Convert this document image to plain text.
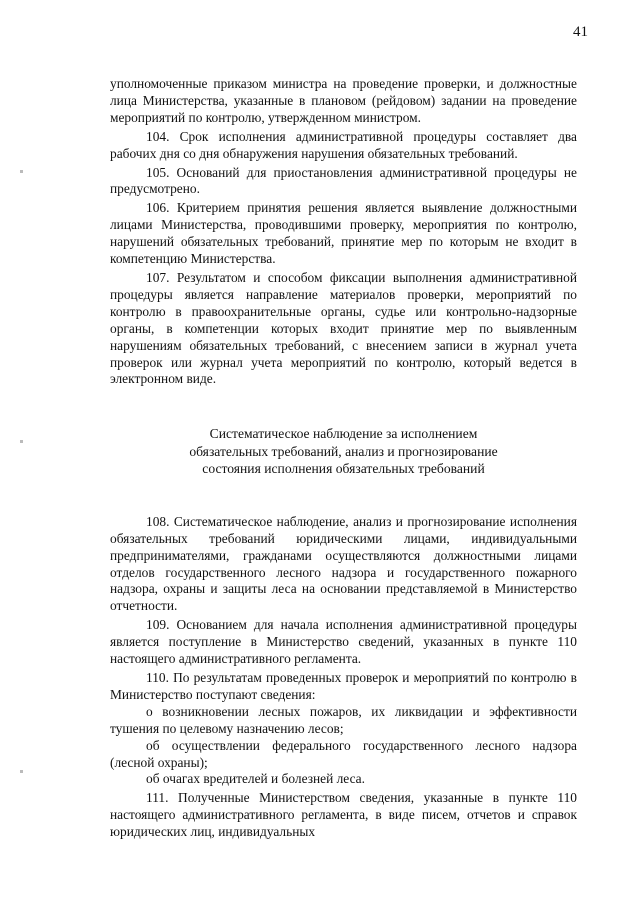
41

уполномоченные приказом министра на проведение проверки, и должностные лица Министерства, указанные в плановом (рейдовом) задании на проведение мероприятий по контролю, утвержденном министром.

104. Срок исполнения административной процедуры составляет два рабочих дня со дня обнаружения нарушения обязательных требований.

105. Оснований для приостановления административной процедуры не предусмотрено.

106. Критерием принятия решения является выявление должностными лицами Министерства, проводившими проверку, мероприятия по контролю, нарушений обязательных требований, принятие мер по которым не входит в компетенцию Министерства.

107. Результатом и способом фиксации выполнения административной процедуры является направление материалов проверки, мероприятий по контролю в правоохранительные органы, судье или контрольно-надзорные органы, в компетенции которых входит принятие мер по выявленным нарушениям обязательных требований, с внесением записи в журнал учета проверок или журнал учета мероприятий по контролю, который ведется в электронном виде.

Систематическое наблюдение за исполнением
обязательных требований, анализ и прогнозирование
состояния исполнения обязательных требований

108. Систематическое наблюдение, анализ и прогнозирование исполнения обязательных требований юридическими лицами, индивидуальными предпринимателями, гражданами осуществляются должностными лицами отделов государственного лесного надзора и государственного пожарного надзора, охраны и защиты леса на основании представляемой в Министерство отчетности.

109. Основанием для начала исполнения административной процедуры является поступление в Министерство сведений, указанных в пункте 110 настоящего административного регламента.

110. По результатам проведенных проверок и мероприятий по контролю в Министерство поступают сведения:

о возникновении лесных пожаров, их ликвидации и эффективности тушения по целевому назначению лесов;

об осуществлении федерального государственного лесного надзора (лесной охраны);

об очагах вредителей и болезней леса.

111. Полученные Министерством сведения, указанные в пункте 110 настоящего административного регламента, в виде писем, отчетов и справок юридических лиц, индивидуальных
